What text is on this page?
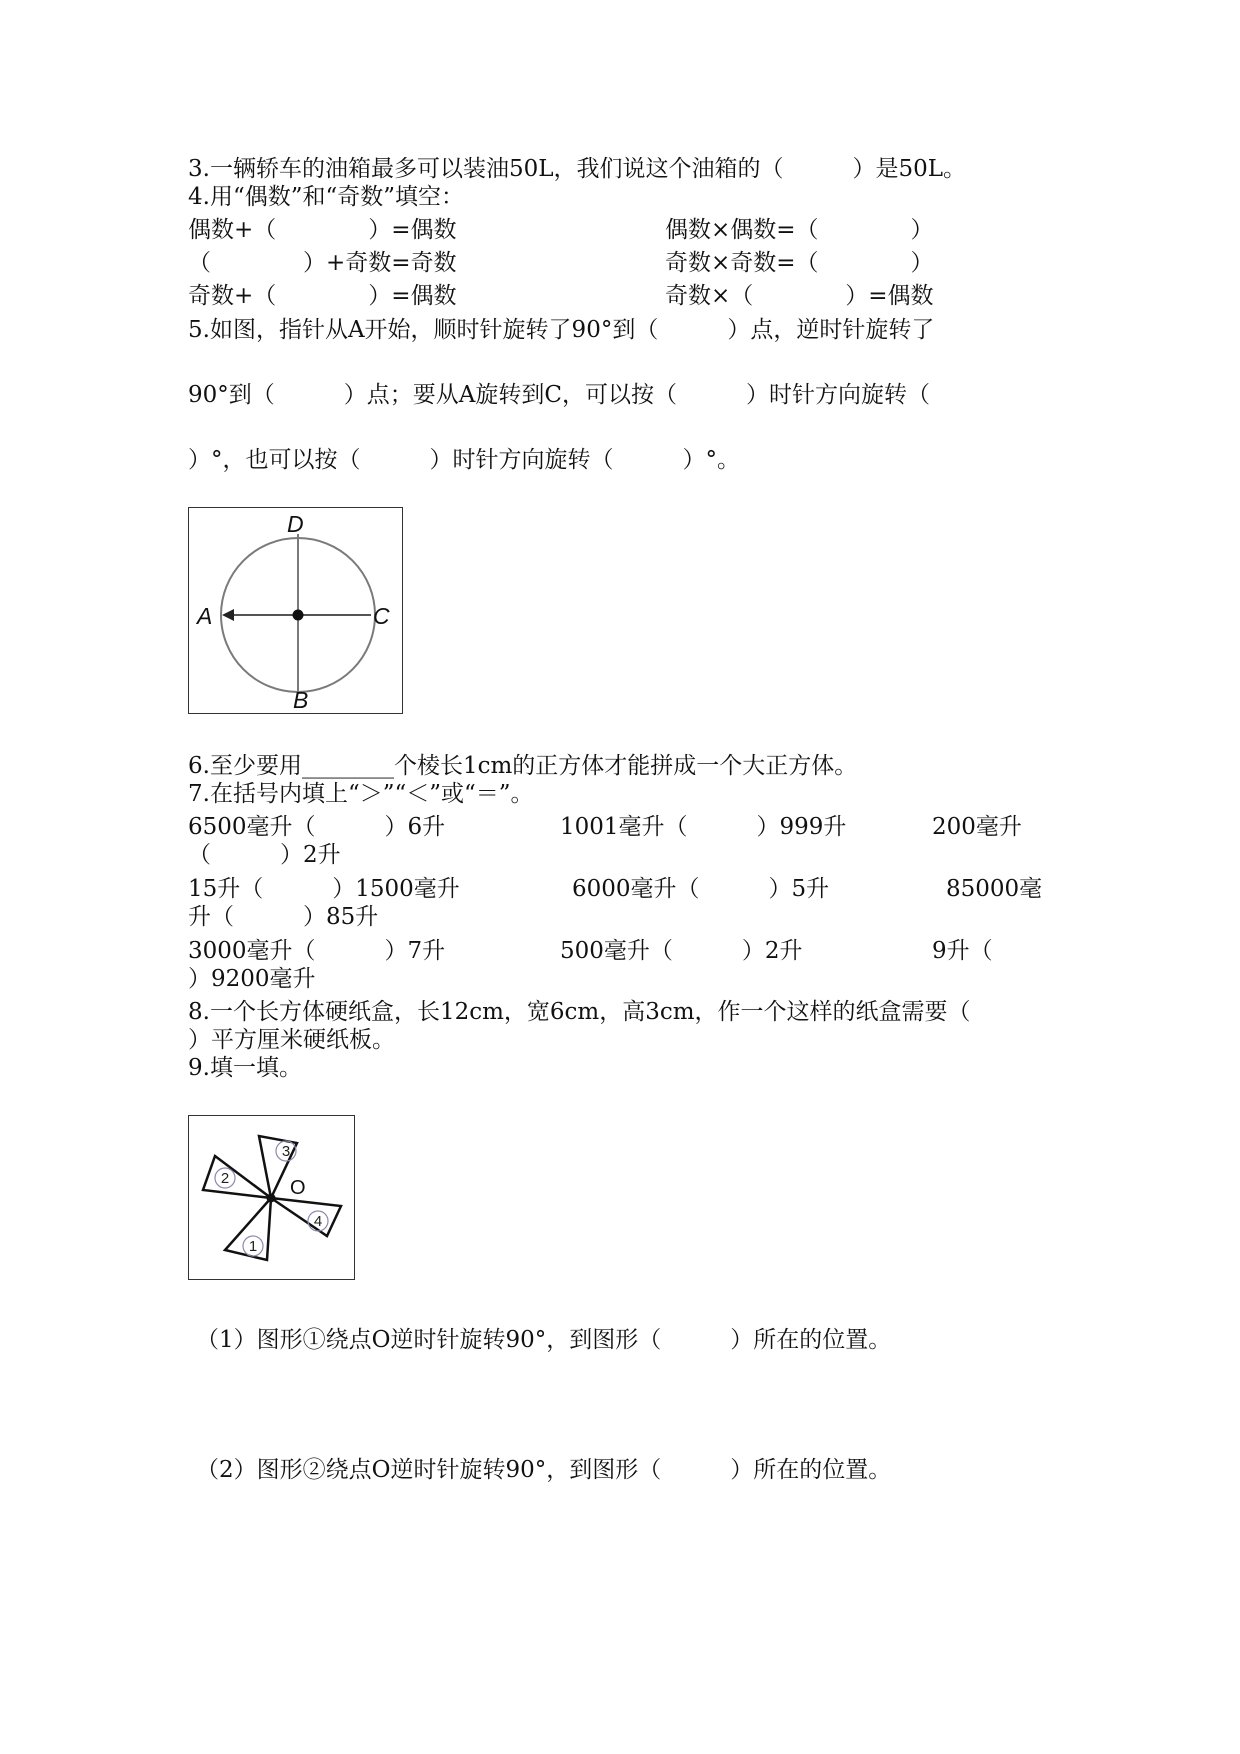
3.一辆轿车的油箱最多可以装油50L，我们说这个油箱的（　　　）是50L。
4.用“偶数”和“奇数”填空：
偶数+（　　　　）=偶数	偶数×偶数=（　　　　）
（　　　　）+奇数=奇数	奇数×奇数=（　　　　）
奇数+（　　　　）=偶数	奇数×（　　　　）=偶数
5.如图，指针从A开始，顺时针旋转了90°到（　　　）点，逆时针旋转了
90°到（　　　）点；要从A旋转到C，可以按（　　　）时针方向旋转（
）°，也可以按（　　　）时针方向旋转（　　　）°。
D
A	C
B
6.至少要用________个棱长1cm的正方体才能拼成一个大正方体。
7.在括号内填上“＞”“＜”或“＝”。
6500毫升（　　　）6升	1001毫升（　　　）999升	200毫升
（　　　）2升
15升（　　　）1500毫升	6000毫升（　　　）5升	85000毫
升（　　　）85升
3000毫升（　　　）7升	500毫升（　　　）2升	9升（
）9200毫升
8.一个长方体硬纸盒，长12cm，宽6cm，高3cm，作一个这样的纸盒需要（
）平方厘米硬纸板。
9.填一填。
2
3
4
1
O
（1）图形①绕点O逆时针旋转90°，到图形（　　　）所在的位置。
（2）图形②绕点O逆时针旋转90°，到图形（　　　）所在的位置。
